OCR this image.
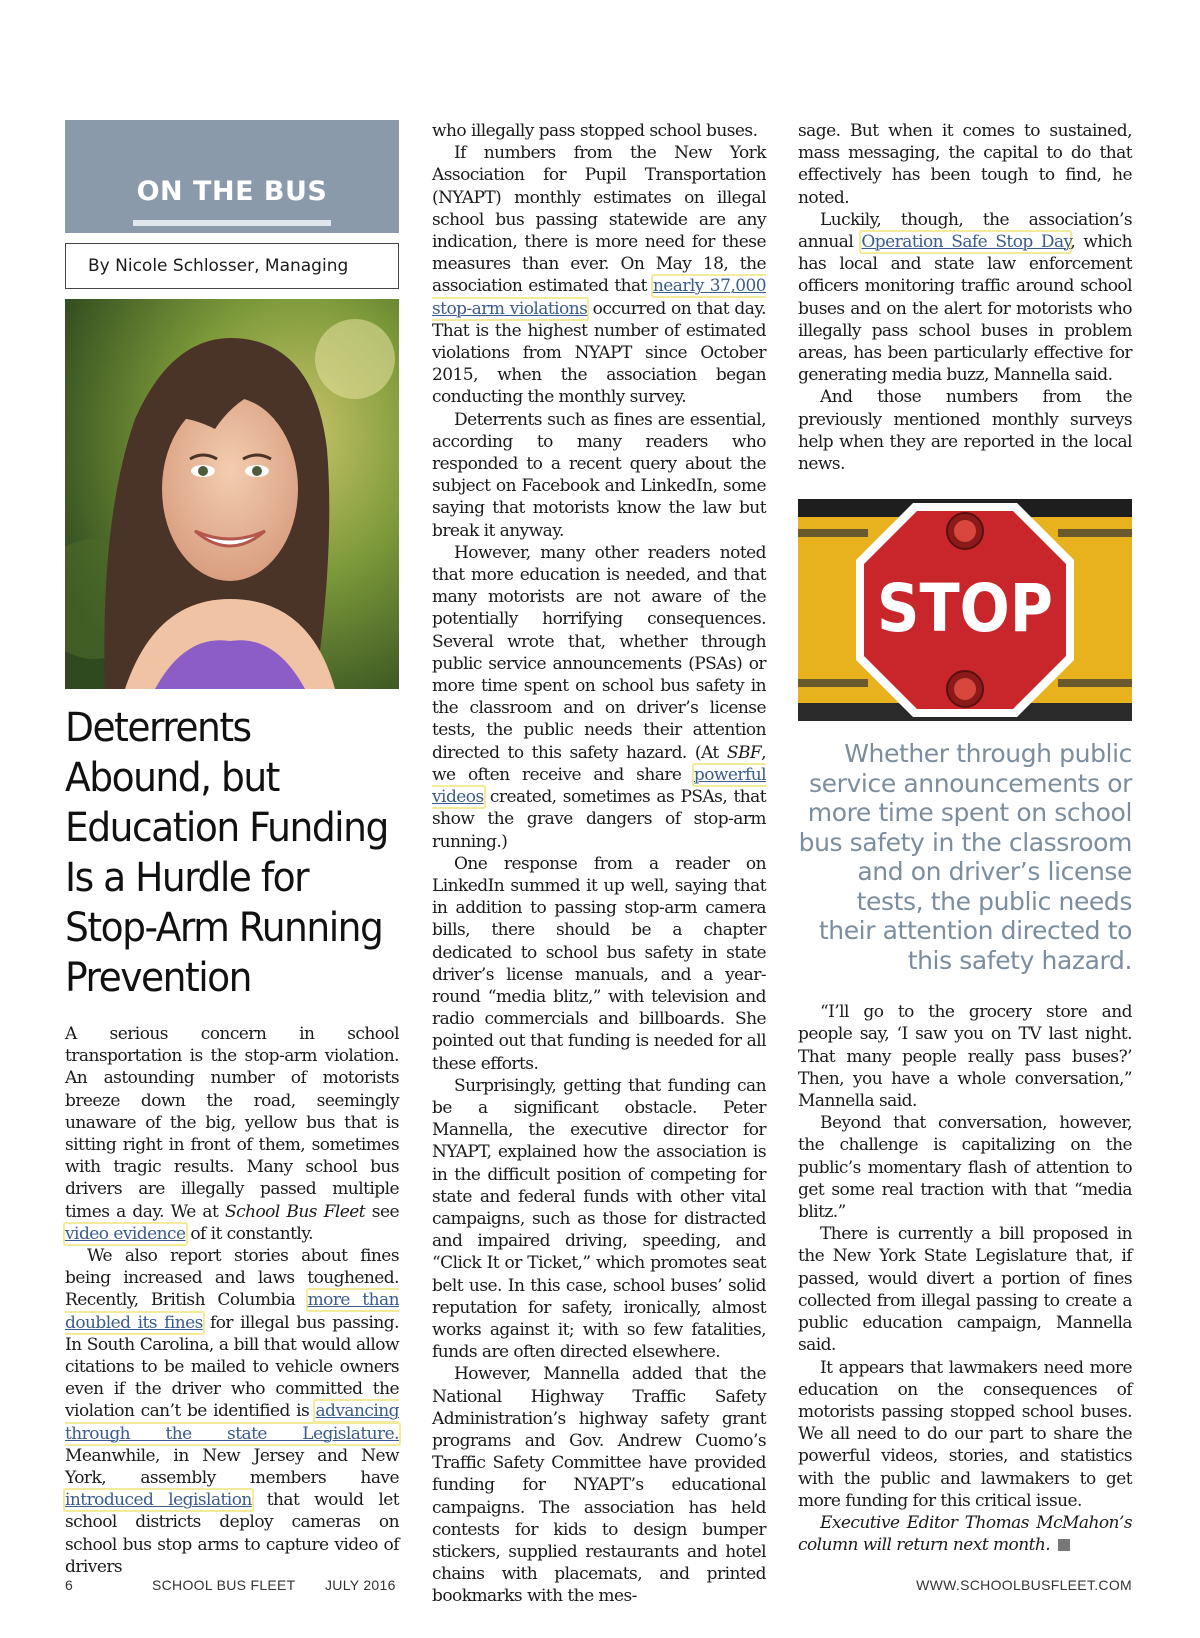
ON THE BUS
By Nicole Schlosser, Managing
Deterrents Abound, but Education Funding Is a Hurdle for Stop-Arm Running Prevention

A serious concern in school transportation is the stop-arm violation. An astounding number of motorists breeze down the road, seemingly unaware of the big, yellow bus that is sitting right in front of them, sometimes with tragic results. Many school bus drivers are illegally passed multiple times a day. We at School Bus Fleet see video evidence of it constantly.

We also report stories about fines being increased and laws toughened. Recently, British Columbia more than doubled its fines for illegal bus passing. In South Carolina, a bill that would allow citations to be mailed to vehicle owners even if the driver who committed the violation can’t be identified is advancing through the state Legislature. Meanwhile, in New Jersey and New York, assembly members have introduced legislation that would let school districts deploy cameras on school bus stop arms to capture video of drivers

who illegally pass stopped school buses.

If numbers from the New York Association for Pupil Transportation (NYAPT) monthly estimates on illegal school bus passing statewide are any indication, there is more need for these measures than ever. On May 18, the association estimated that nearly 37,000 stop-arm violations occurred on that day. That is the highest number of estimated violations from NYAPT since October 2015, when the association began conducting the monthly survey.

Deterrents such as fines are essential, according to many readers who responded to a recent query about the subject on Facebook and LinkedIn, some saying that motorists know the law but break it anyway.

However, many other readers noted that more education is needed, and that many motorists are not aware of the potentially horrifying consequences. Several wrote that, whether through public service announcements (PSAs) or more time spent on school bus safety in the classroom and on driver’s license tests, the public needs their attention directed to this safety hazard. (At SBF, we often receive and share powerful videos created, sometimes as PSAs, that show the grave dangers of stop-arm running.)

One response from a reader on LinkedIn summed it up well, saying that in addition to passing stop-arm camera bills, there should be a chapter dedicated to school bus safety in state driver’s license manuals, and a year-round “media blitz,” with television and radio commercials and billboards. She pointed out that funding is needed for all these efforts.

Surprisingly, getting that funding can be a significant obstacle. Peter Mannella, the executive director for NYAPT, explained how the association is in the difficult position of competing for state and federal funds with other vital campaigns, such as those for distracted and impaired driving, speeding, and “Click It or Ticket,” which promotes seat belt use. In this case, school buses’ solid reputation for safety, ironically, almost works against it; with so few fatalities, funds are often directed elsewhere.

However, Mannella added that the National Highway Traffic Safety Administration’s highway safety grant programs and Gov. Andrew Cuomo’s Traffic Safety Committee have provided funding for NYAPT’s educational campaigns. The association has held contests for kids to design bumper stickers, supplied restaurants and hotel chains with placemats, and printed bookmarks with the mes-

sage. But when it comes to sustained, mass messaging, the capital to do that effectively has been tough to find, he noted.

Luckily, though, the association’s annual Operation Safe Stop Day, which has local and state law enforcement officers monitoring traffic around school buses and on the alert for motorists who illegally pass school buses in problem areas, has been particularly effective for generating media buzz, Mannella said.

And those numbers from the previously mentioned monthly surveys help when they are reported in the local news.

STOP
Whether through public service announcements or more time spent on school bus safety in the classroom and on driver’s license tests, the public needs their attention directed to this safety hazard.

“I’ll go to the grocery store and people say, ‘I saw you on TV last night. That many people really pass buses?’ Then, you have a whole conversation,” Mannella said.

Beyond that conversation, however, the challenge is capitalizing on the public’s momentary flash of attention to get some real traction with that “media blitz.”

There is currently a bill proposed in the New York State Legislature that, if passed, would divert a portion of fines collected from illegal passing to create a public education campaign, Mannella said.

It appears that lawmakers need more education on the consequences of motorists passing stopped school buses. We all need to do our part to share the powerful videos, stories, and statistics with the public and lawmakers to get more funding for this critical issue.

Executive Editor Thomas McMahon’s column will return next month.

6	SCHOOL BUS FLEET JULY 2016	WWW.SCHOOLBUSFLEET.COM
